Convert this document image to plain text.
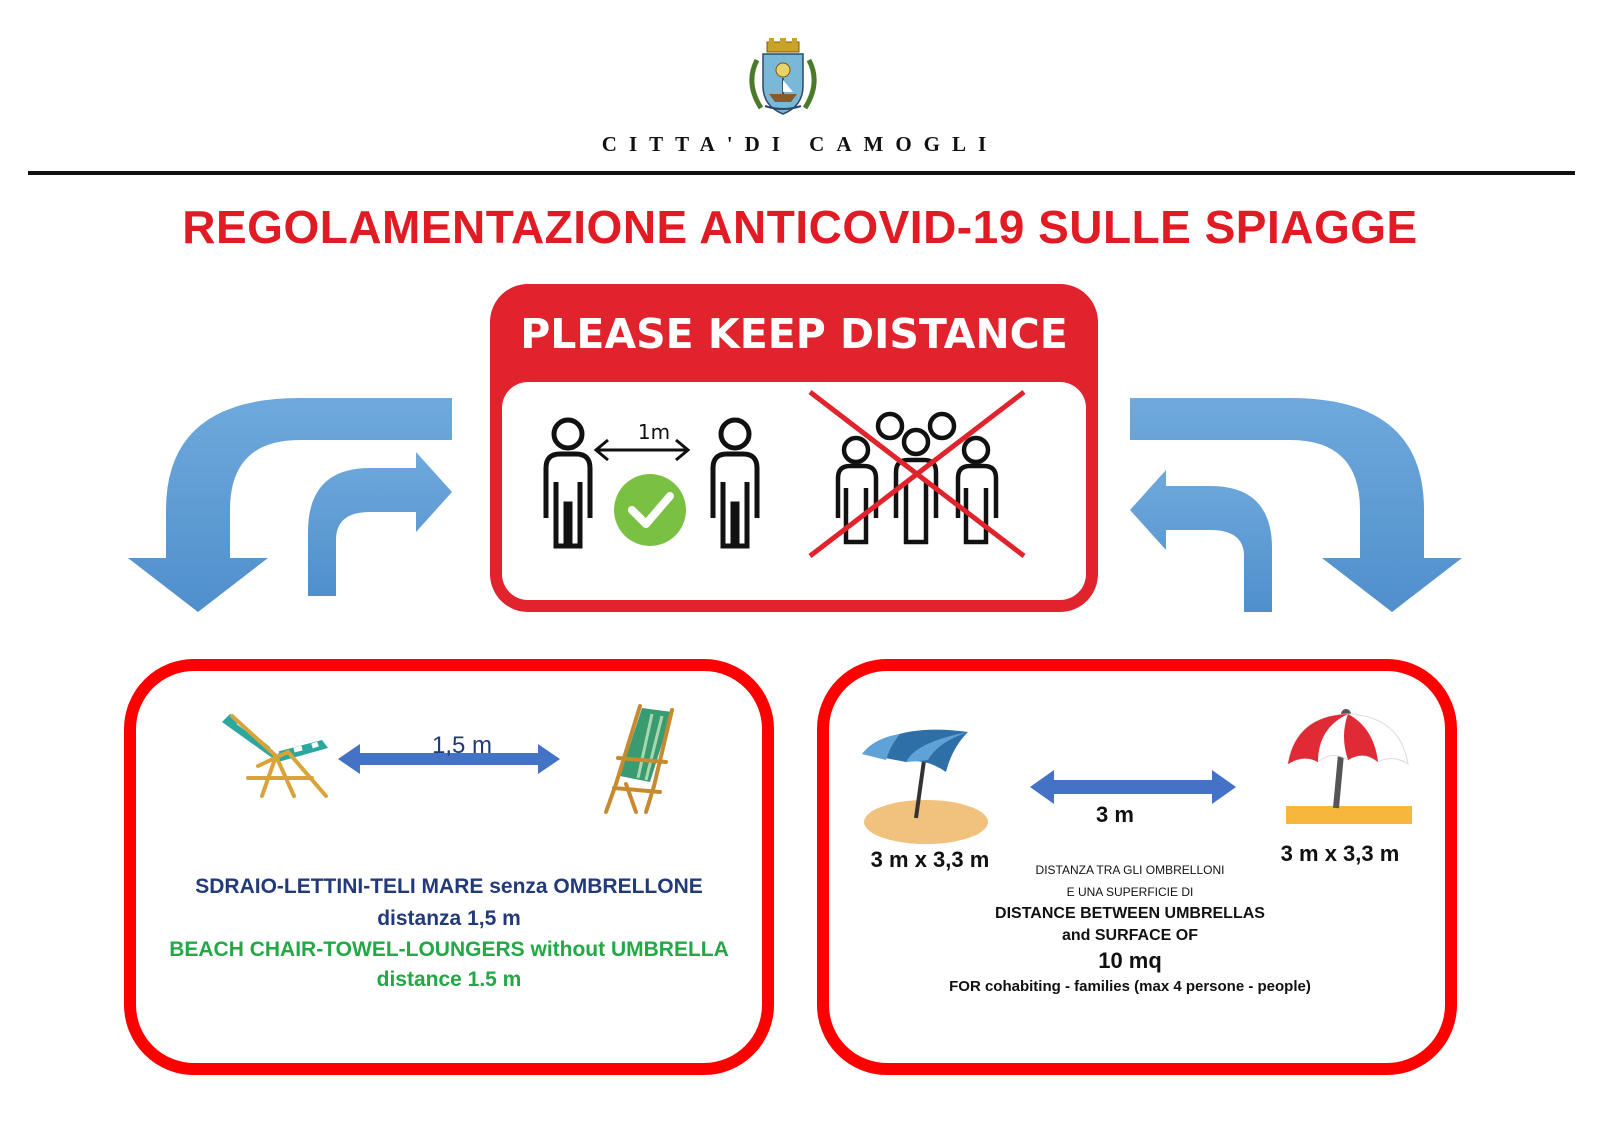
CITTA'DI CAMOGLI
REGOLAMENTAZIONE ANTICOVID-19 SULLE SPIAGGE
PLEASE KEEP DISTANCE
1m
1,5 m
SDRAIO-LETTINI-TELI MARE senza OMBRELLONE
distanza 1,5 m
BEACH CHAIR-TOWEL-LOUNGERS without UMBRELLA
distance 1.5 m
3 m
3 m x 3,3 m	3 m x 3,3 m
DISTANZA TRA GLI OMBRELLONI
E UNA SUPERFICIE DI
DISTANCE BETWEEN UMBRELLAS
and SURFACE OF
10 mq
FOR cohabiting - families (max 4 persone - people)
